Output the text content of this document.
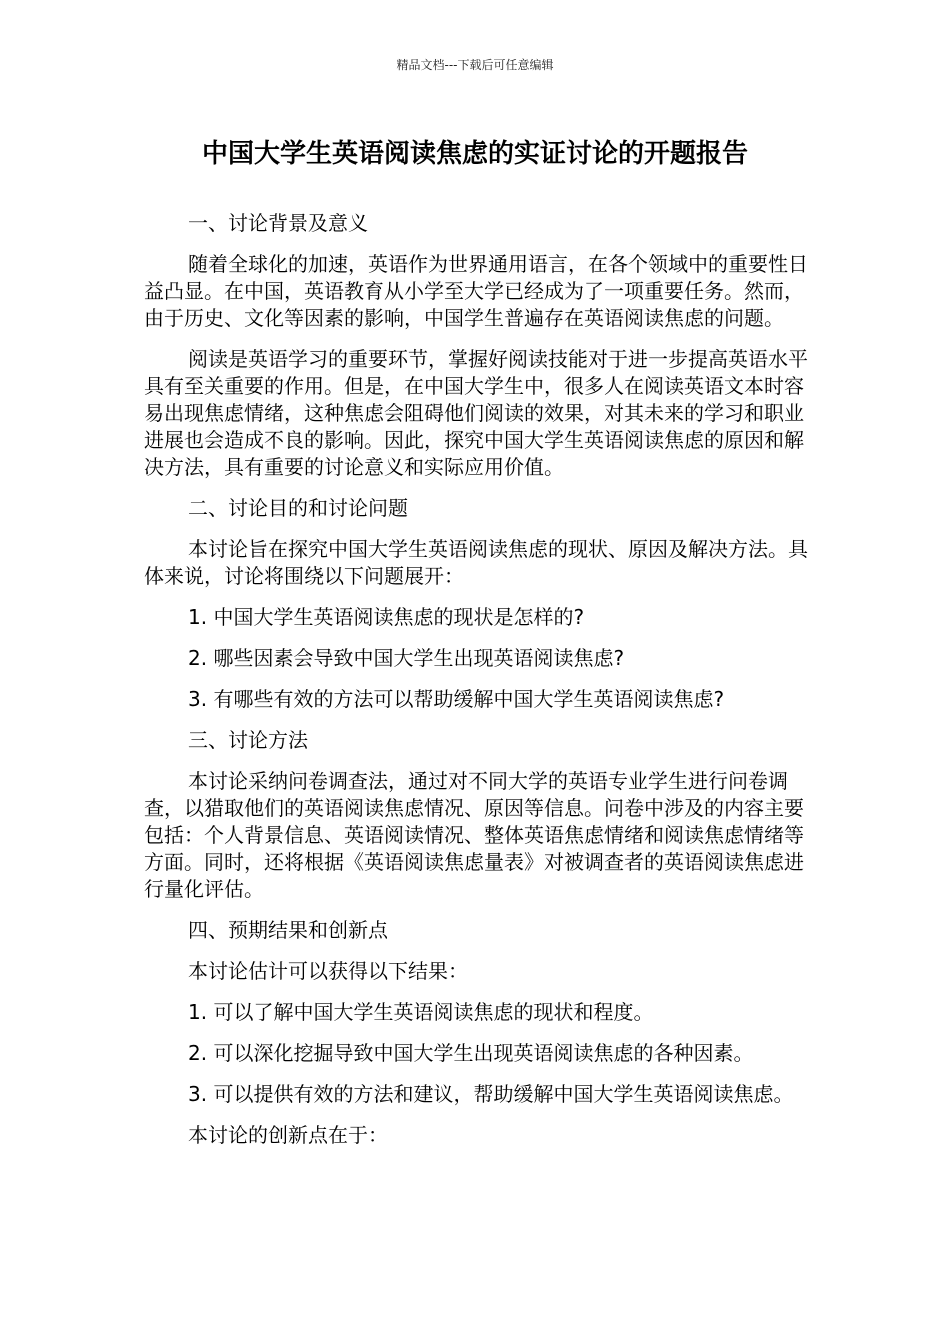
精品文档---下载后可任意编辑
中国大学生英语阅读焦虑的实证讨论的开题报告

一、讨论背景及意义

随着全球化的加速，英语作为世界通用语言，在各个领域中的重要性日益凸显。在中国，英语教育从小学至大学已经成为了一项重要任务。然而，由于历史、文化等因素的影响，中国学生普遍存在英语阅读焦虑的问题。

阅读是英语学习的重要环节，掌握好阅读技能对于进一步提高英语水平具有至关重要的作用。但是，在中国大学生中，很多人在阅读英语文本时容易出现焦虑情绪，这种焦虑会阻碍他们阅读的效果，对其未来的学习和职业进展也会造成不良的影响。因此，探究中国大学生英语阅读焦虑的原因和解决方法，具有重要的讨论意义和实际应用价值。

二、讨论目的和讨论问题

本讨论旨在探究中国大学生英语阅读焦虑的现状、原因及解决方法。具体来说，讨论将围绕以下问题展开：

1. 中国大学生英语阅读焦虑的现状是怎样的?

2. 哪些因素会导致中国大学生出现英语阅读焦虑?

3. 有哪些有效的方法可以帮助缓解中国大学生英语阅读焦虑?

三、讨论方法

本讨论采纳问卷调查法，通过对不同大学的英语专业学生进行问卷调查，以猎取他们的英语阅读焦虑情况、原因等信息。问卷中涉及的内容主要包括：个人背景信息、英语阅读情况、整体英语焦虑情绪和阅读焦虑情绪等方面。同时，还将根据《英语阅读焦虑量表》对被调查者的英语阅读焦虑进行量化评估。

四、预期结果和创新点

本讨论估计可以获得以下结果：

1. 可以了解中国大学生英语阅读焦虑的现状和程度。

2. 可以深化挖掘导致中国大学生出现英语阅读焦虑的各种因素。

3. 可以提供有效的方法和建议，帮助缓解中国大学生英语阅读焦虑。

本讨论的创新点在于：
